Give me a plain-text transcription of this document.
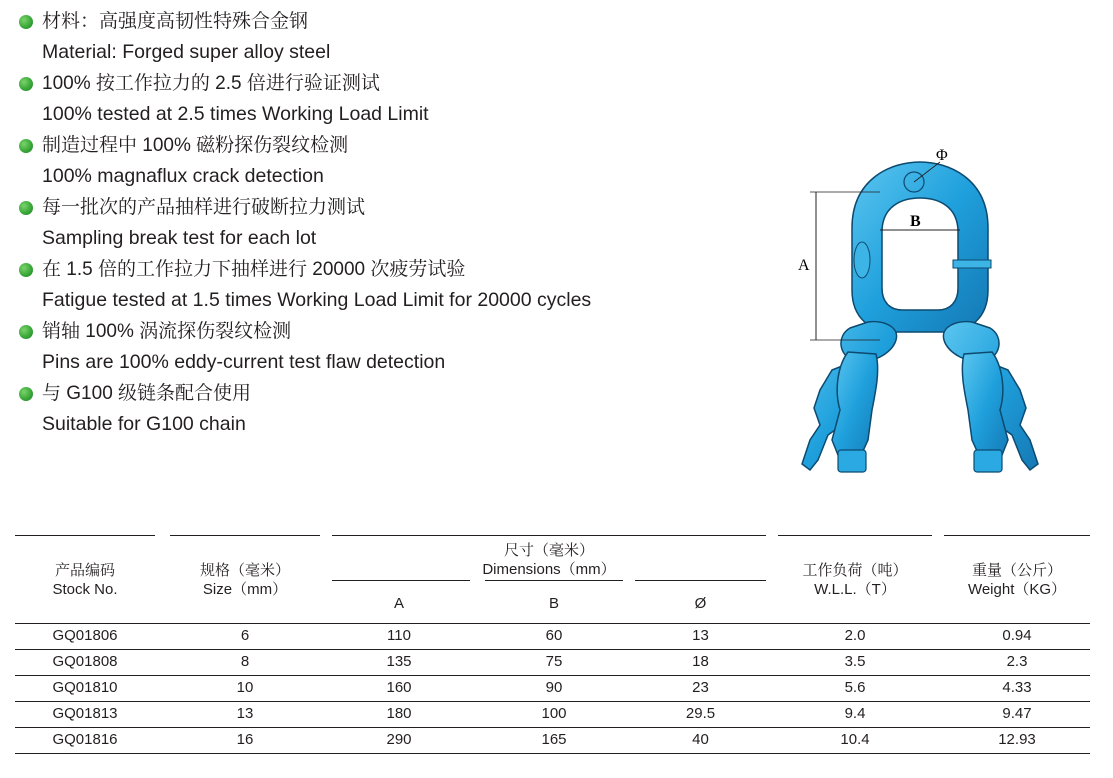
材料：高强度高韧性特殊合金钢
Material: Forged super alloy steel
100% 按工作拉力的 2.5 倍进行验证测试
100% tested at 2.5 times Working Load Limit
制造过程中 100% 磁粉探伤裂纹检测
100% magnaflux crack detection
每一批次的产品抽样进行破断拉力测试
Sampling break test for each lot
在 1.5 倍的工作拉力下抽样进行 20000 次疲劳试验
Fatigue tested at 1.5 times Working Load Limit for 20000 cycles
销轴 100% 涡流探伤裂纹检测
Pins are 100% eddy-current test flaw detection
与 G100 级链条配合使用
Suitable for G100 chain
A
B
Φ
产品编码
Stock No.
规格（毫米）
Size（mm）
尺寸（毫米）
Dimensions（mm）
A	B	Ø
工作负荷（吨）
W.L.L.（T）
重量（公斤）
Weight（KG）
GQ01806	6	110	60	13	2.0	0.94
GQ01808	8	135	75	18	3.5	2.3
GQ01810	10	160	90	23	5.6	4.33
GQ01813	13	180	100	29.5	9.4	9.47
GQ01816	16	290	165	40	10.4	12.93
